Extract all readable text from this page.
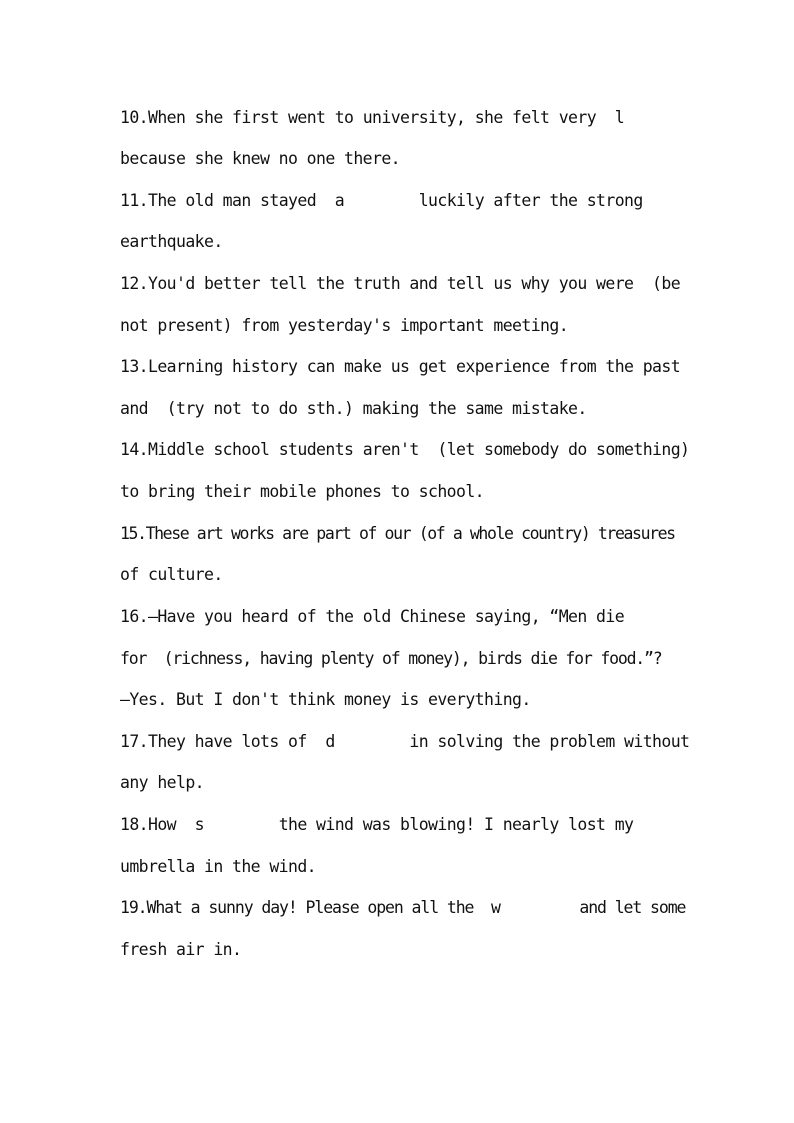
10.When she first went to university, she felt very  l
because she knew no one there.
11.The old man stayed  a        luckily after the strong
earthquake.
12.You'd better tell the truth and tell us why you were  (be
not present) from yesterday's important meeting.
13.Learning history can make us get experience from the past
and  (try not to do sth.) making the same mistake.
14.Middle school students aren't  (let somebody do something)
to bring their mobile phones to school.
15.These art works are part of our (of a whole country) treasures
of culture.
16.—Have you heard of the old Chinese saying, “Men die
for  (richness, having plenty of money), birds die for food.”?
—Yes. But I don't think money is everything.
17.They have lots of  d        in solving the problem without
any help.
18.How  s        the wind was blowing! I nearly lost my
umbrella in the wind.
19.What a sunny day! Please open all the  w         and let some
fresh air in.
